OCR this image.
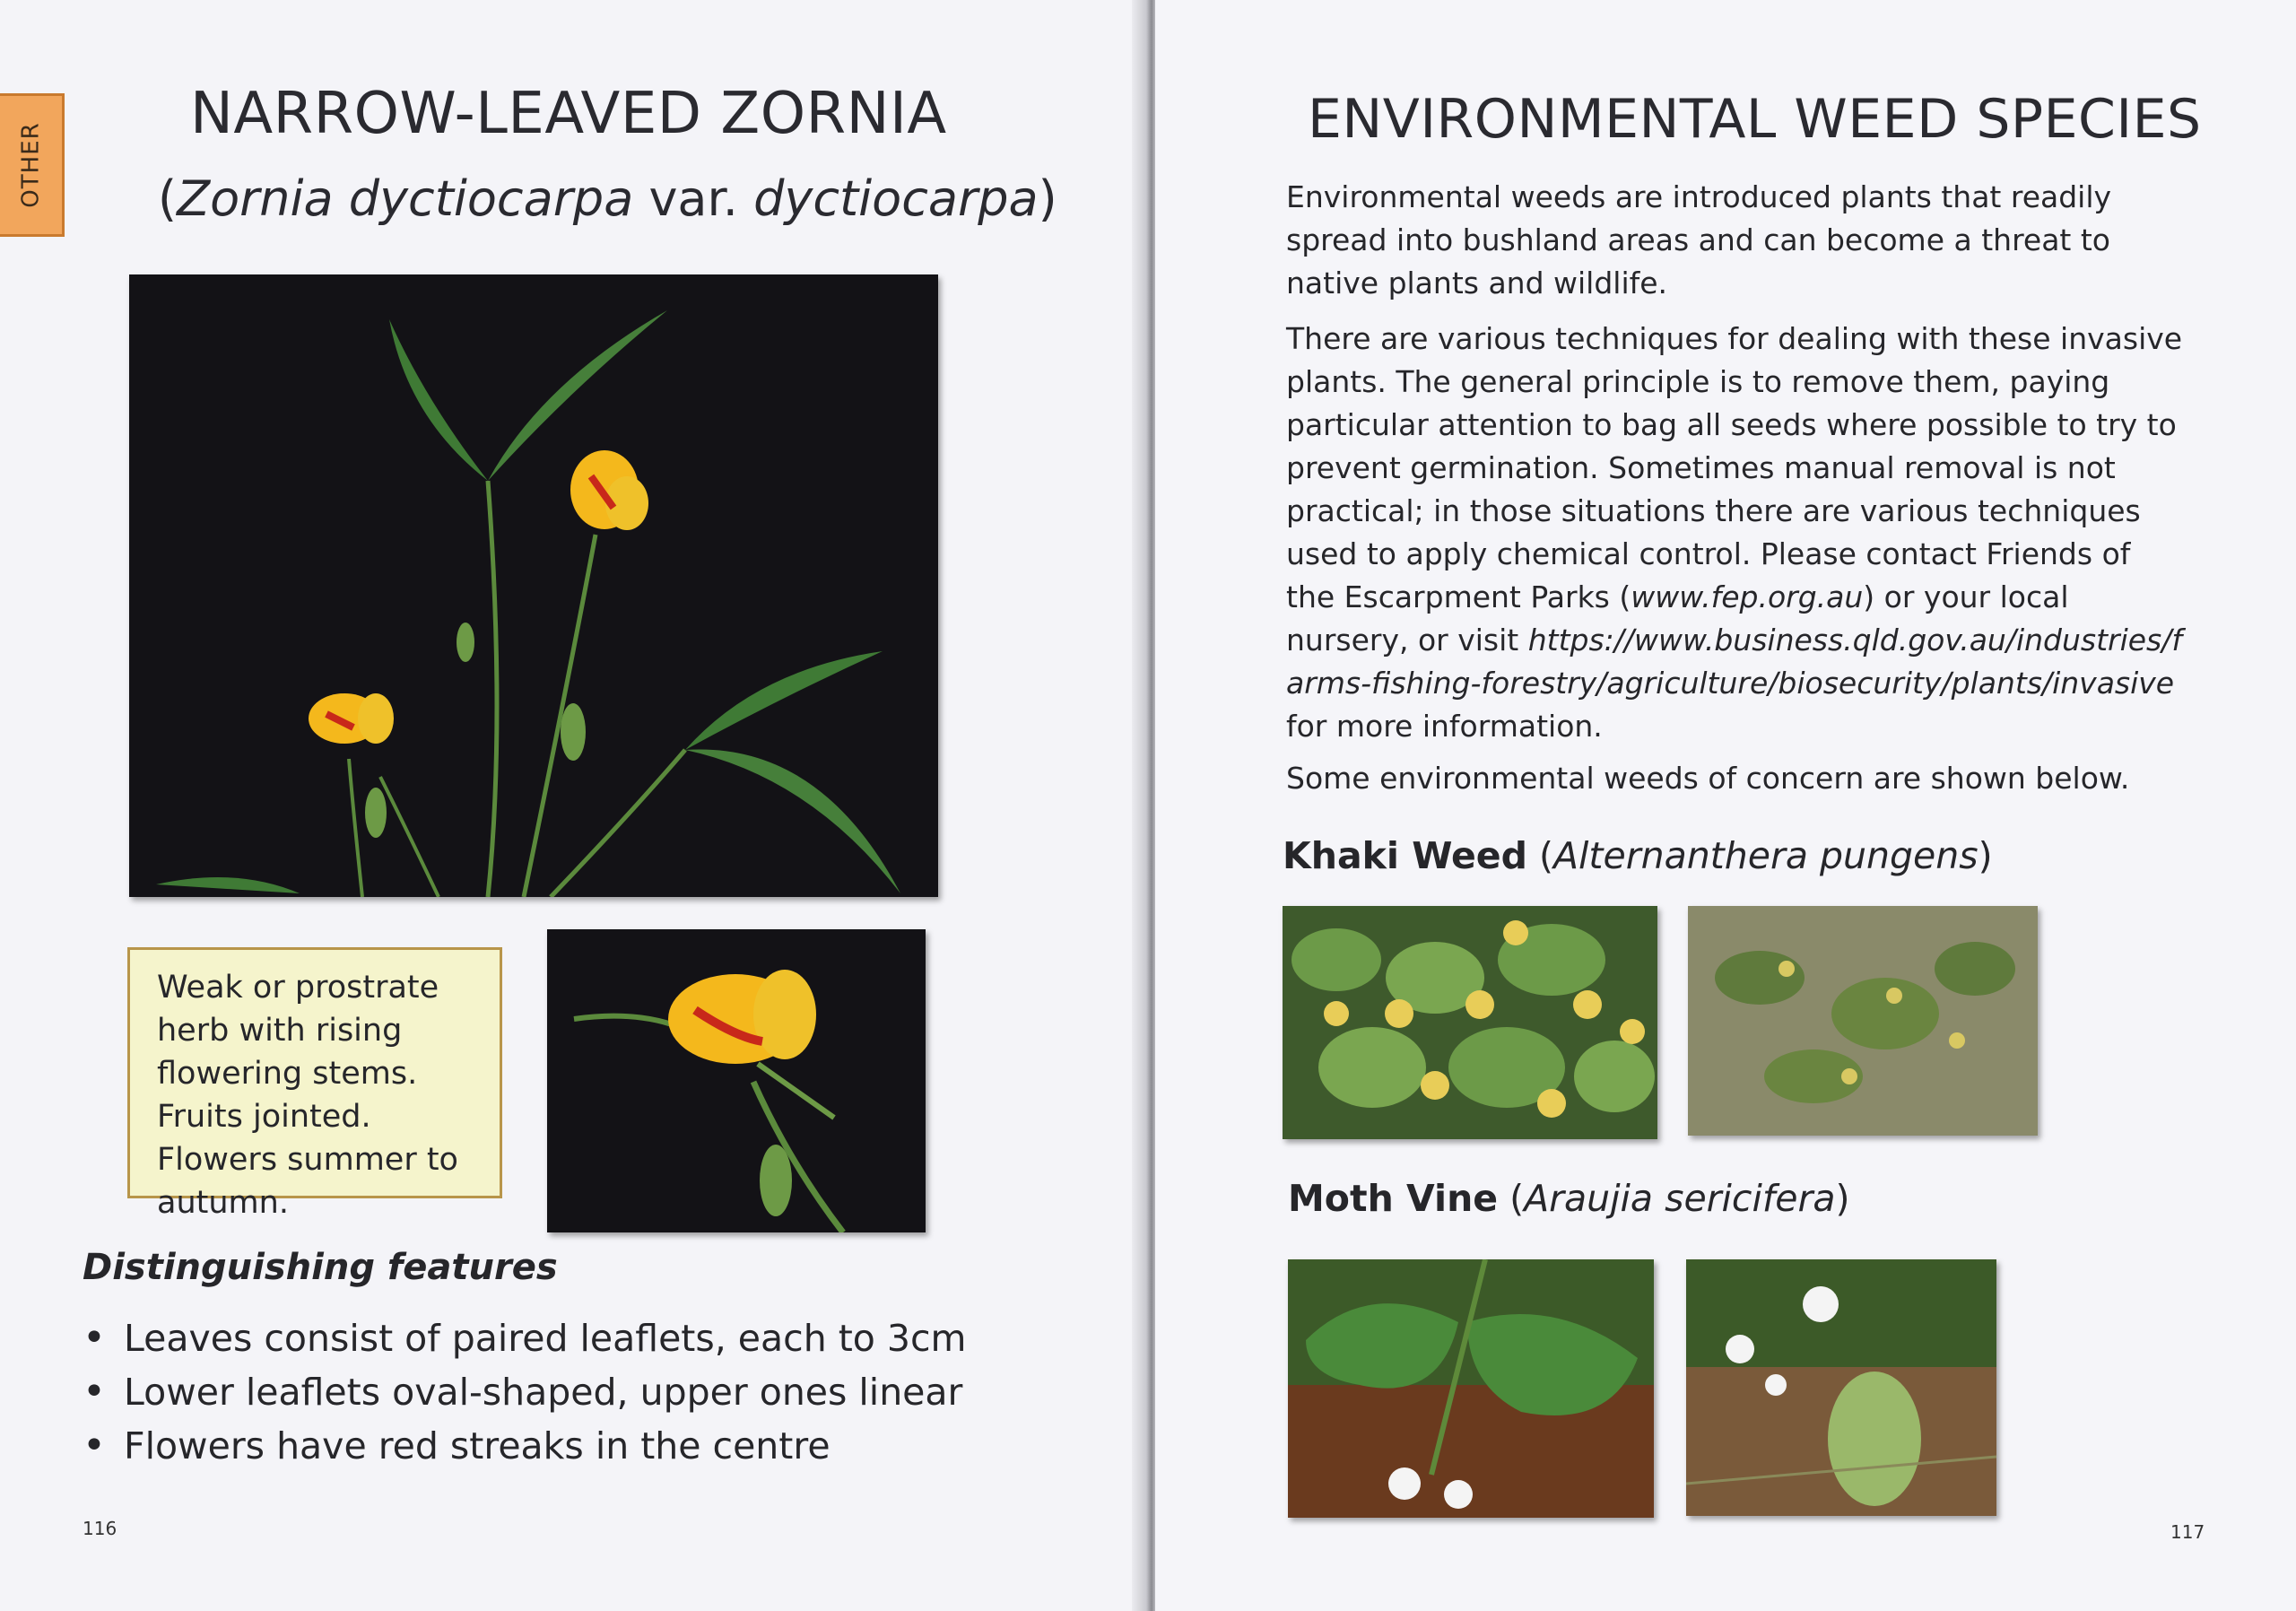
OTHER
NARROW-LEAVED ZORNIA
(Zornia dyctiocarpa var. dyctiocarpa)

Weak or prostrate herb with rising flowering stems. Fruits jointed. Flowers summer to autumn.

Distinguishing features
• Leaves consist of paired leaflets, each to 3cm
• Lower leaflets oval-shaped, upper ones linear
• Flowers have red streaks in the centre
116
ENVIRONMENTAL WEED SPECIES

Environmental weeds are introduced plants that readily spread into bushland areas and can become a threat to native plants and wildlife.

There are various techniques for dealing with these invasive plants. The general principle is to remove them, paying particular attention to bag all seeds where possible to try to prevent germination. Sometimes manual removal is not practical; in those situations there are various techniques used to apply chemical control. Please contact Friends of the Escarpment Parks (www.fep.org.au) or your local nursery, or visit https://www.business.qld.gov.au/industries/farms-fishing-forestry/agriculture/biosecurity/plants/invasive for more information.

Some environmental weeds of concern are shown below.

Khaki Weed (Alternanthera pungens)
Moth Vine (Araujia sericifera)
117
